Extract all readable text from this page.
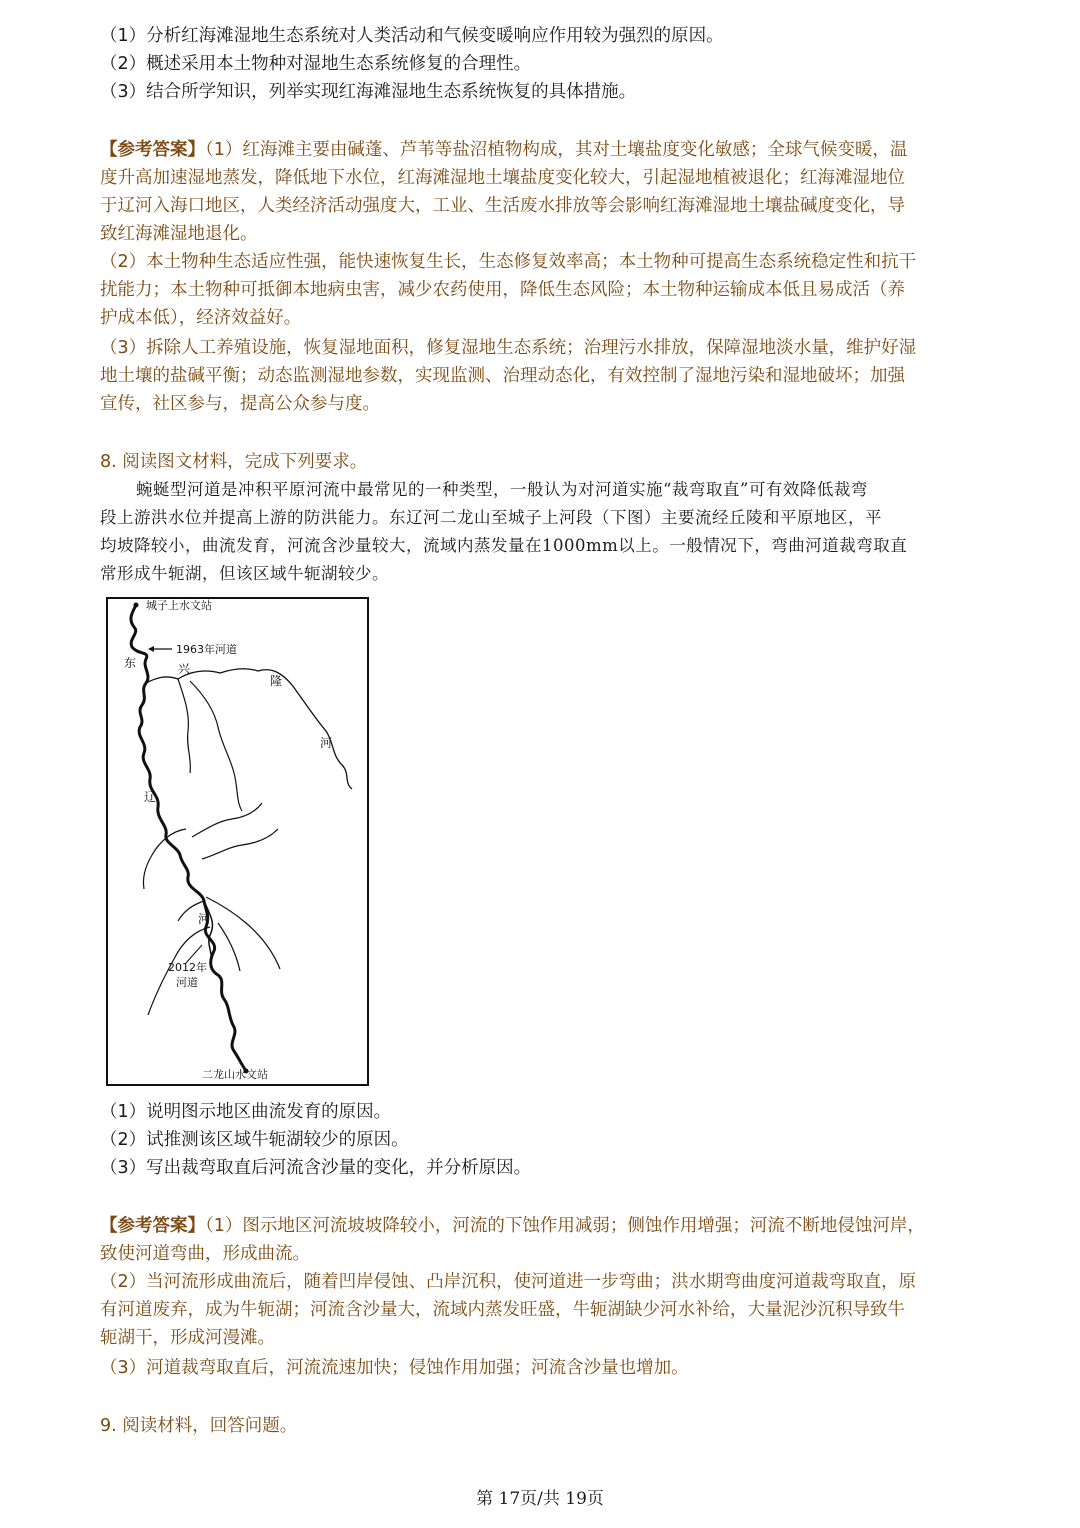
（1）分析红海滩湿地生态系统对人类活动和气候变暖响应作用较为强烈的原因。
（2）概述采用本土物种对湿地生态系统修复的合理性。
（3）结合所学知识，列举实现红海滩湿地生态系统恢复的具体措施。
【参考答案】（1）红海滩主要由碱蓬、芦苇等盐沼植物构成，其对土壤盐度变化敏感；全球气候变暖，温
度升高加速湿地蒸发，降低地下水位，红海滩湿地土壤盐度变化较大，引起湿地植被退化；红海滩湿地位
于辽河入海口地区，人类经济活动强度大，工业、生活废水排放等会影响红海滩湿地土壤盐碱度变化，导
致红海滩湿地退化。
（2）本土物种生态适应性强，能快速恢复生长，生态修复效率高；本土物种可提高生态系统稳定性和抗干
扰能力；本土物种可抵御本地病虫害，减少农药使用，降低生态风险；本土物种运输成本低且易成活（养
护成本低），经济效益好。
（3）拆除人工养殖设施，恢复湿地面积，修复湿地生态系统；治理污水排放，保障湿地淡水量，维护好湿
地土壤的盐碱平衡；动态监测湿地参数，实现监测、治理动态化，有效控制了湿地污染和湿地破坏；加强
宣传，社区参与，提高公众参与度。
8. 阅读图文材料，完成下列要求。
蜿蜒型河道是冲积平原河流中最常见的一种类型，一般认为对河道实施“裁弯取直”可有效降低裁弯
段上游洪水位并提高上游的防洪能力。东辽河二龙山至城子上河段（下图）主要流经丘陵和平原地区，平
均坡降较小，曲流发育，河流含沙量较大，流域内蒸发量在1000mm以上。一般情况下，弯曲河道裁弯取直
常形成牛轭湖，但该区域牛轭湖较少。
城子上水文站
1963年河道
东	兴
隆
河
辽
河
2012年
河道
二龙山水文站
（1）说明图示地区曲流发育的原因。
（2）试推测该区域牛轭湖较少的原因。
（3）写出裁弯取直后河流含沙量的变化，并分析原因。
【参考答案】（1）图示地区河流坡坡降较小，河流的下蚀作用减弱；侧蚀作用增强；河流不断地侵蚀河岸，
致使河道弯曲，形成曲流。
（2）当河流形成曲流后，随着凹岸侵蚀、凸岸沉积，使河道进一步弯曲；洪水期弯曲度河道裁弯取直，原
有河道废弃，成为牛轭湖；河流含沙量大，流域内蒸发旺盛，牛轭湖缺少河水补给，大量泥沙沉积导致牛
轭湖干，形成河漫滩。
（3）河道裁弯取直后，河流流速加快；侵蚀作用加强；河流含沙量也增加。
9. 阅读材料，回答问题。
第 17页/共 19页
